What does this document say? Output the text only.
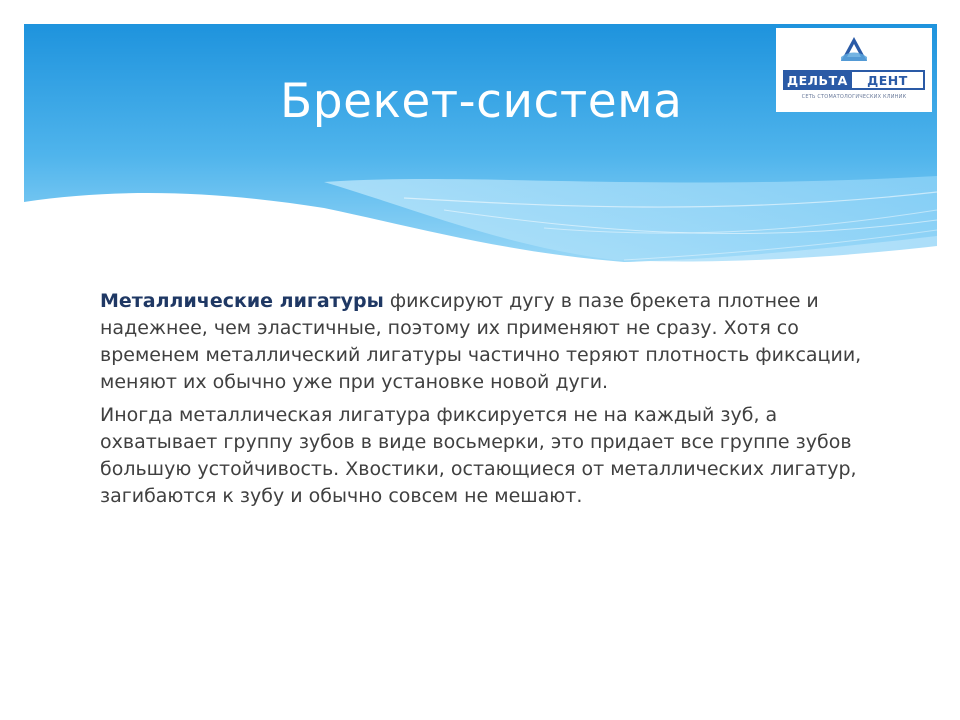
Брекет-система	ДЕЛЬТА	ДЕНТ
СЕТЬ СТОМАТОЛОГИЧЕСКИХ КЛИНИК

Металлические лигатуры фиксируют дугу в пазе брекета плотнее и надежнее, чем эластичные, поэтому их применяют не сразу. Хотя со временем металлический лигатуры частично теряют плотность фиксации, меняют их обычно уже при установке новой дуги.

Иногда металлическая лигатура фиксируется не на каждый зуб, а охватывает группу зубов в виде восьмерки, это придает все группе зубов большую устойчивость. Хвостики, остающиеся от металлических лигатур, загибаются к зубу и обычно совсем не мешают.
